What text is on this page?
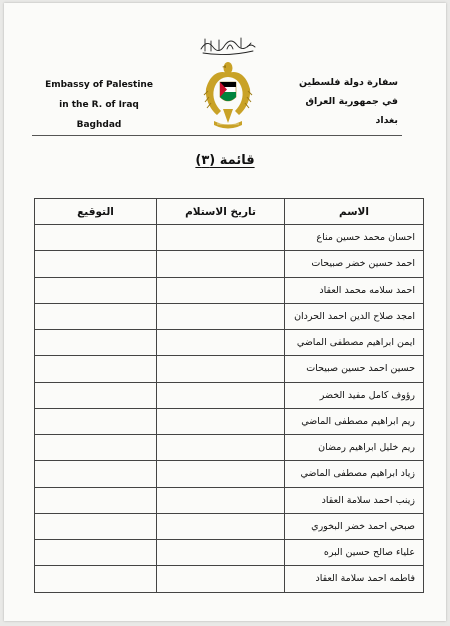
Embassy of Palestine
in the R. of Iraq
Baghdad
سفارة دولة فلسطين
في جمهورية العراق
بغداد
قائمة (٣)
الاسم	تاريخ الاستلام	التوقيع
احسان محمد حسين مناع		
احمد حسين خضر صبيحات		
احمد سلامه محمد العقاد		
امجد صلاح الدين احمد الحردان		
ايمن ابراهيم مصطفى الماضي		
حسين احمد حسين صبيحات		
رؤوف كامل مفيد الخضر		
ريم ابراهيم مصطفى الماضي		
ريم خليل ابراهيم رمضان		
زياد ابراهيم مصطفى الماضي		
زينب احمد سلامة العقاد		
صبحي احمد خضر البخوري		
علياء صالح حسين البره		
فاطمه احمد سلامة العقاد		
